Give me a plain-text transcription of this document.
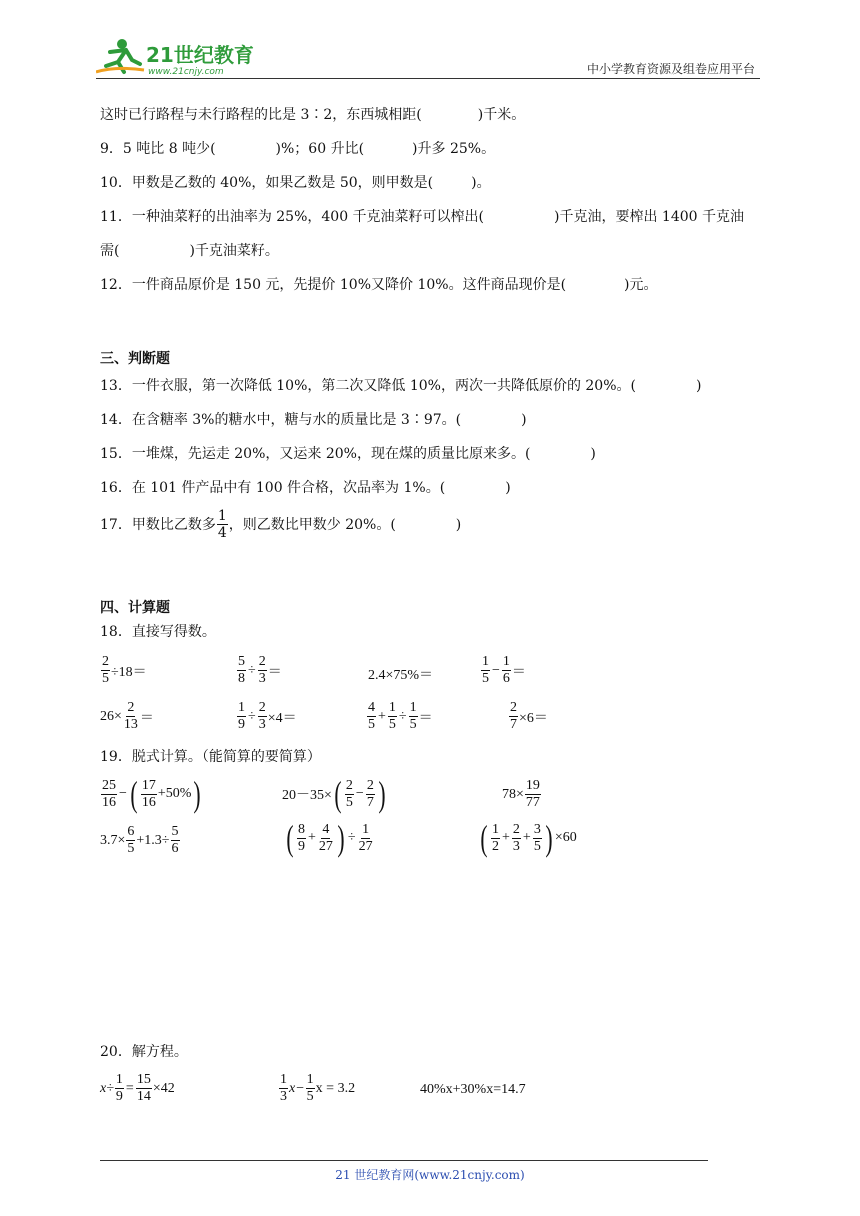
21世纪教育
www.21cnjy.com	中小学教育资源及组卷应用平台
这时已行路程与未行路程的比是 3∶2，东西城相距(	)千米。
9．5 吨比 8 吨少(	)%；60 升比(	)升多 25%。
10．甲数是乙数的 40%，如果乙数是 50，则甲数是(	)。
11．一种油菜籽的出油率为 25%，400 千克油菜籽可以榨出(	)千克油，要榨出 1400 千克油
需(	)千克油菜籽。
12．一件商品原价是 150 元，先提价 10%又降价 10%。这件商品现价是(	)元。
三、判断题
13．一件衣服，第一次降低 10%，第二次又降低 10%，两次一共降低原价的 20%。(	)
14．在含糖率 3%的糖水中，糖与水的质量比是 3∶97。(	)
15．一堆煤，先运走 20%，又运来 20%，现在煤的质量比原来多。(	)
16．在 101 件产品中有 100 件合格，次品率为 1%。(	)
17．甲数比乙数多 $\frac{1}{4}$ ，则乙数比甲数少 20%。(	)
四、计算题
18．直接写得数。
$\frac{2}{5} \div 18=$	$\frac{5}{8} \div \frac{2}{3}$ ＝	2.4×75%＝	$\frac{1}{5} - \frac{1}{6}$ ＝
$26\times \frac{2}{13}$ ＝	$\frac{1}{9} \div \frac{2}{3} \times 4=$	$\frac{4}{5} + \frac{1}{5} \div \frac{1}{5}$ ＝	$\frac{2}{7} \times 6=$
19．脱式计算。（能简算的要简算）
$\frac{25}{16}$ − ( $\frac{17}{16} +50\%$ )	20－35× ( $\frac{2}{5} - \frac{2}{7}$ )	$78\times \frac{19}{77}$
$3.7\times \frac{6}{5} +1.3\div \frac{5}{6}$	( $\frac{8}{9} + \frac{4}{27}$ ) ÷ $\frac{1}{27}$	( $\frac{1}{2} + \frac{2}{3} + \frac{3}{5}$ ) ×60
20．解方程。
$x\div \frac{1}{9} = \frac{15}{14} \times 42$	$\frac{1}{3} x- \frac{1}{5}$ x = 3.2	40%x+30%x=14.7
21 世纪教育网(www.21cnjy.com)
